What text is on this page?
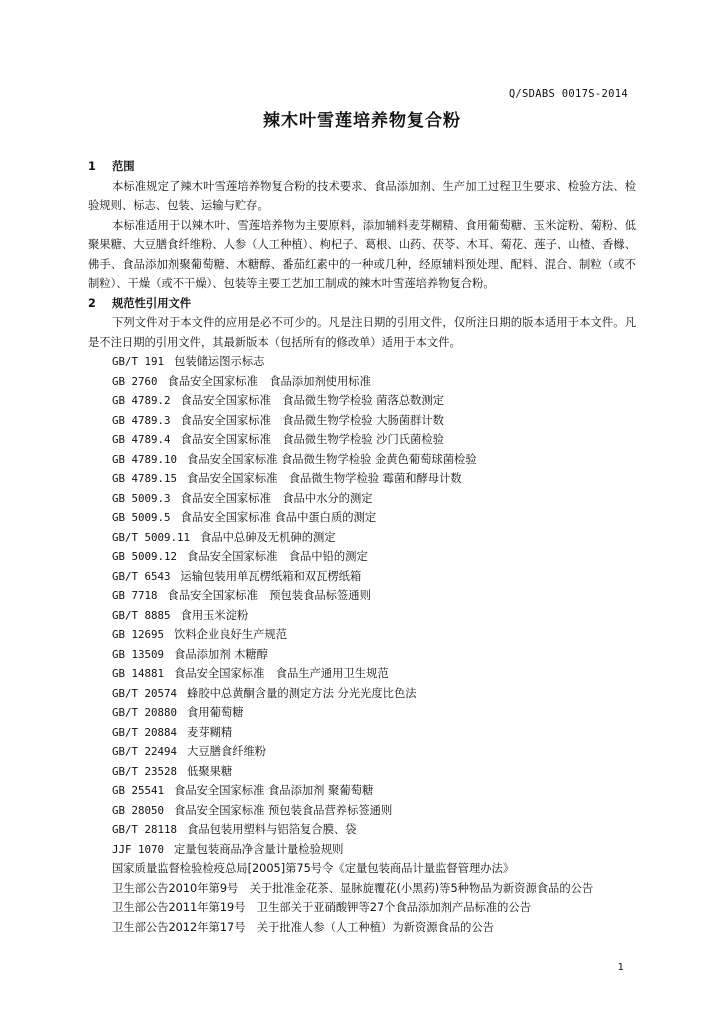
Q/SDABS 0017S-2014
辣木叶雪莲培养物复合粉
1 范围
本标准规定了辣木叶雪莲培养物复合粉的技术要求、食品添加剂、生产加工过程卫生要求、检验方法、检验规则、标志、包装、运输与贮存。
本标准适用于以辣木叶、雪莲培养物为主要原料，添加辅料麦芽糊精、食用葡萄糖、玉米淀粉、菊粉、低聚果糖、大豆膳食纤维粉、人参（人工种植）、枸杞子、葛根、山药、茯苓、木耳、菊花、莲子、山楂、香橼、佛手、食品添加剂聚葡萄糖、木糖醇、番茄红素中的一种或几种，经原辅料预处理、配料、混合、制粒（或不制粒）、干燥（或不干燥）、包装等主要工艺加工制成的辣木叶雪莲培养物复合粉。
2 规范性引用文件
下列文件对于本文件的应用是必不可少的。凡是注日期的引用文件，仅所注日期的版本适用于本文件。凡是不注日期的引用文件，其最新版本（包括所有的修改单）适用于本文件。
GB/T 191 包装储运图示标志
GB 2760 食品安全国家标准　食品添加剂使用标准
GB 4789.2 食品安全国家标准　食品微生物学检验 菌落总数测定
GB 4789.3 食品安全国家标准　食品微生物学检验 大肠菌群计数
GB 4789.4 食品安全国家标准　食品微生物学检验 沙门氏菌检验
GB 4789.10 食品安全国家标准 食品微生物学检验 金黄色葡萄球菌检验
GB 4789.15 食品安全国家标准　食品微生物学检验 霉菌和酵母计数
GB 5009.3 食品安全国家标准　食品中水分的测定
GB 5009.5 食品安全国家标准 食品中蛋白质的测定
GB/T 5009.11 食品中总砷及无机砷的测定
GB 5009.12 食品安全国家标准　食品中铅的测定
GB/T 6543 运输包装用单瓦楞纸箱和双瓦楞纸箱
GB 7718 食品安全国家标准　预包装食品标签通则
GB/T 8885 食用玉米淀粉
GB 12695 饮料企业良好生产规范
GB 13509 食品添加剂 木糖醇
GB 14881 食品安全国家标准　食品生产通用卫生规范
GB/T 20574 蜂胶中总黄酮含量的测定方法 分光光度比色法
GB/T 20880 食用葡萄糖
GB/T 20884 麦芽糊精
GB/T 22494 大豆膳食纤维粉
GB/T 23528 低聚果糖
GB 25541 食品安全国家标准 食品添加剂 聚葡萄糖
GB 28050 食品安全国家标准 预包装食品营养标签通则
GB/T 28118 食品包装用塑料与铝箔复合膜、袋
JJF 1070 定量包装商品净含量计量检验规则
国家质量监督检验检疫总局[2005]第75号令《定量包装商品计量监督管理办法》
卫生部公告2010年第9号　关于批准金花茶、显脉旋覆花(小黑药)等5种物品为新资源食品的公告
卫生部公告2011年第19号　卫生部关于亚硝酸钾等27个食品添加剂产品标准的公告
卫生部公告2012年第17号　关于批准人参（人工种植）为新资源食品的公告
1
